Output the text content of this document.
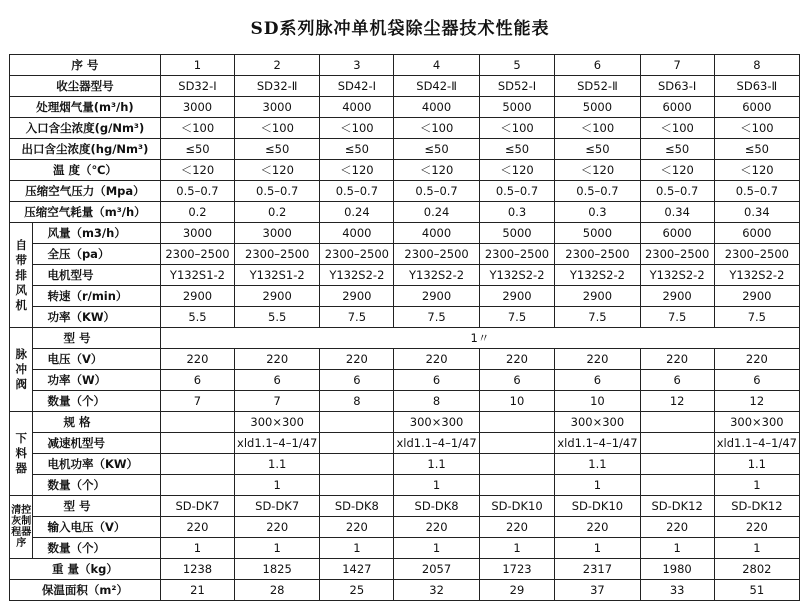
SD系列脉冲单机袋除尘器技术性能表
序 号		1	2	3	4	5	6	7	8
收尘器型号		SD32-Ⅰ	SD32-Ⅱ	SD42-Ⅰ	SD42-Ⅱ	SD52-Ⅰ	SD52-Ⅱ	SD63-Ⅰ	SD63-Ⅱ
处理烟气量(m³/h)		3000	3000	4000	4000	5000	5000	6000	6000
入口含尘浓度(g/Nm³)		＜100	＜100	＜100	＜100	＜100	＜100	＜100	＜100
出口含尘浓度(hg/Nm³)		≤50	≤50	≤50	≤50	≤50	≤50	≤50	≤50
温 度（℃）		＜120	＜120	＜120	＜120	＜120	＜120	＜120	＜120
压缩空气压力（Mpa）		0.5–0.7	0.5–0.7	0.5–0.7	0.5–0.7	0.5–0.7	0.5–0.7	0.5–0.7	0.5–0.7
压缩空气耗量（m³/h）		0.2	0.2	0.24	0.24	0.3	0.3	0.34	0.34

自
带
排
风
机	风量（m3/h）	3000	3000	4000	4000	5000	5000	6000	6000
	全压（pa）	2300–2500	2300–2500	2300–2500	2300–2500	2300–2500	2300–2500	2300–2500	2300–2500
	电机型号	Y132S1-2	Y132S1-2	Y132S2-2	Y132S2-2	Y132S2-2	Y132S2-2	Y132S2-2	Y132S2-2
	转速（r/min）	2900	2900	2900	2900	2900	2900	2900	2900
	功率（KW）	5.5	5.5	7.5	7.5	7.5	7.5	7.5	7.5

脉
冲
阀	型 号	1〃							
	电压（V）	220	220	220	220	220	220	220	220
	功率（W）	6	6	6	6	6	6	6	6
	数量（个）	7	7	8	8	10	10	12	12

下
料
器	规 格		300×300		300×300		300×300		300×300
	减速机型号		xld1.1–4–1/47		xld1.1–4–1/47		xld1.1–4–1/47		xld1.1–4–1/47
	电机功率（KW）		1.1		1.1		1.1		1.1
	数量（个）		1		1		1		1
清控灰制程器序	型 号	SD-DK7	SD-DK7	SD-DK8	SD-DK8	SD-DK10	SD-DK10	SD-DK12	SD-DK12
	输入电压（V）	220	220	220	220	220	220	220	220
	数量（个）	1	1	1	1	1	1	1	1
重 量（kg）		1238	1825	1427	2057	1723	2317	1980	2802
保温面积（m²）		21	28	25	32	29	37	33	51
